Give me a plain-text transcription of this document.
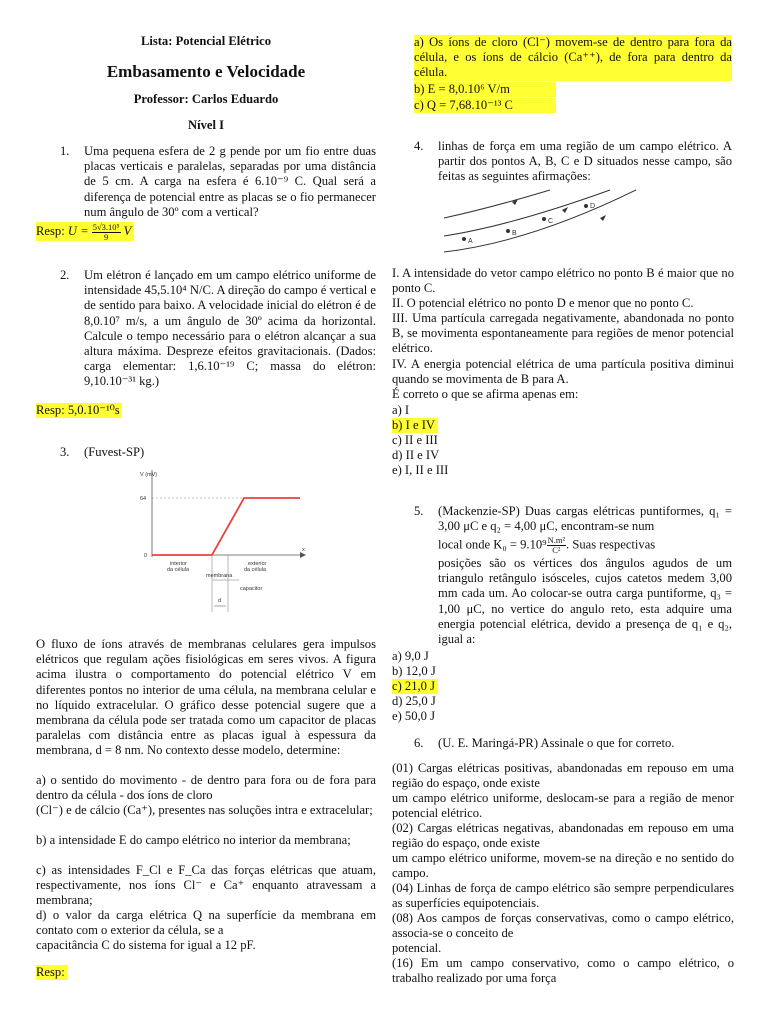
Lista: Potencial Elétrico
Embasamento e Velocidade
Professor: Carlos Eduardo
Nível I
1. Uma pequena esfera de 2 g pende por um fio entre duas placas verticais e paralelas, separadas por uma distância de 5 cm. A carga na esfera é 6.10⁻⁹ C. Qual será a diferença de potencial entre as placas se o fio permanecer num ângulo de 30º com a vertical?
Resp: $U = \frac{\text{5√3.10⁵}}{9}$ V
2. Um elétron é lançado em um campo elétrico uniforme de intensidade 45,5.10⁴ N/C. A direção do campo é vertical e de sentido para baixo. A velocidade inicial do elétron é de 8,0.10⁷ m/s, a um ângulo de 30º acima da horizontal. Calcule o tempo necessário para o elétron alcançar a sua altura máxima. Despreze efeitos gravitacionais. (Dados: carga elementar: 1,6.10⁻¹⁹ C; massa do elétron: 9,10.10⁻³¹ kg.)
Resp: 5,0.10⁻¹⁰s
3. (Fuvest-SP)
V (mV)
64
0
x
interior
da célula
exterior
da célula
membrana
capacitor
d
O fluxo de íons através de membranas celulares gera impulsos elétricos que regulam ações fisiológicas em seres vivos. A figura acima ilustra o comportamento do potencial elétrico V em diferentes pontos no interior de uma célula, na membrana celular e no líquido extracelular. O gráfico desse potencial sugere que a membrana da célula pode ser tratada como um capacitor de placas paralelas com distância entre as placas igual à espessura da membrana, d = 8 nm. No contexto desse modelo, determine:
a) o sentido do movimento - de dentro para fora ou de fora para dentro da célula - dos íons de cloro
(Cl⁻) e de cálcio (Ca⁺), presentes nas soluções intra e extracelular;
b) a intensidade E do campo elétrico no interior da membrana;
c) as intensidades F_Cl e F_Ca das forças elétricas que atuam, respectivamente, nos íons Cl⁻ e Ca⁺ enquanto atravessam a membrana;
d) o valor da carga elétrica Q na superfície da membrana em contato com o exterior da célula, se a
capacitância C do sistema for igual a 12 pF.
Resp:
a) Os íons de cloro (Cl⁻) movem-se de dentro para fora da célula, e os íons de cálcio (Ca⁺⁺), de fora para dentro da célula.
b) E = 8,0.10⁶ V/m
c) Q = 7,68.10⁻¹³ C
4. linhas de força em uma região de um campo elétrico. A partir dos pontos A, B, C e D situados nesse campo, são feitas as seguintes afirmações:
A
B
C
D
I. A intensidade do vetor campo elétrico no ponto B é maior que no ponto C.
II. O potencial elétrico no ponto D e menor que no ponto C.
III. Uma partícula carregada negativamente, abandonada no ponto B, se movimenta espontaneamente para regiões de menor potencial elétrico.
IV. A energia potencial elétrica de uma partícula positiva diminui quando se movimenta de B para A.
É correto o que se afirma apenas em:
a) I
b) I e IV
c) II e III
d) II e IV
e) I, II e III
5. (Mackenzie-SP) Duas cargas elétricas puntiformes, q₁ = 3,00 μC e q₂ = 4,00 μC, encontram-se num
local onde $K_0 = 9.10^9 \frac{\text{N.m²}}{\text{C²}}$ . Suas respectivas
posições são os vértices dos ângulos agudos de um triangulo retângulo isósceles, cujos catetos medem 3,00 mm cada um. Ao colocar-se outra carga puntiforme, q₃ = 1,00 μC, no vertice do angulo reto, esta adquire uma energia potencial elétrica, devido a presença de q₁ e q₂, igual a:
a) 9,0 J
b) 12,0 J
c) 21,0 J
d) 25,0 J
e) 50,0 J
6. (U. E. Maringá-PR) Assinale o que for correto.
(01) Cargas elétricas positivas, abandonadas em repouso em uma região do espaço, onde existe
um campo elétrico uniforme, deslocam-se para a região de menor potencial elétrico.
(02) Cargas elétricas negativas, abandonadas em repouso em uma região do espaço, onde existe
um campo elétrico uniforme, movem-se na direção e no sentido do campo.
(04) Linhas de força de campo elétrico são sempre perpendiculares as superfícies equipotenciais.
(08) Aos campos de forças conservativas, como o campo elétrico, associa-se o conceito de
potencial.
(16) Em um campo conservativo, como o campo elétrico, o trabalho realizado por uma força
